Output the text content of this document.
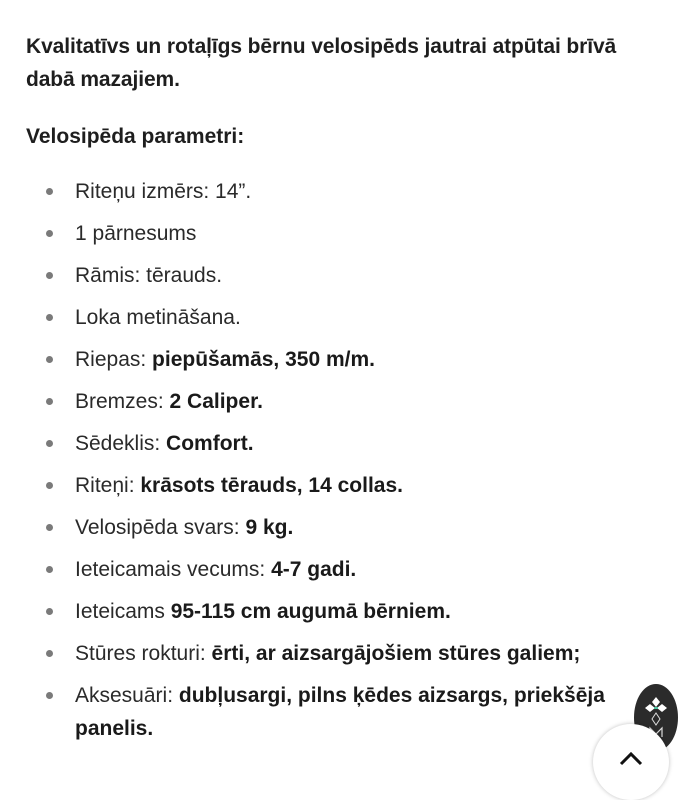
Kvalitatīvs un rotaļīgs bērnu velosipēds jautrai atpūtai brīvā dabā mazajiem.

Velosipēda parametri:

Riteņu izmērs: 14”.
1 pārnesums
Rāmis: tērauds.
Loka metināšana.
Riepas: piepūšamās, 350 m/m.
Bremzes: 2 Caliper.
Sēdeklis: Comfort.
Riteņi: krāsots tērauds, 14 collas.
Velosipēda svars: 9 kg.
Ieteicamais vecums: 4-7 gadi.
Ieteicams 95-115 cm augumā bērniem.
Stūres rokturi: ērti, ar aizsargājošiem stūres galiem;
Aksesuāri: dubļusargi, pilns ķēdes aizsargs, priekšēja panelis.
